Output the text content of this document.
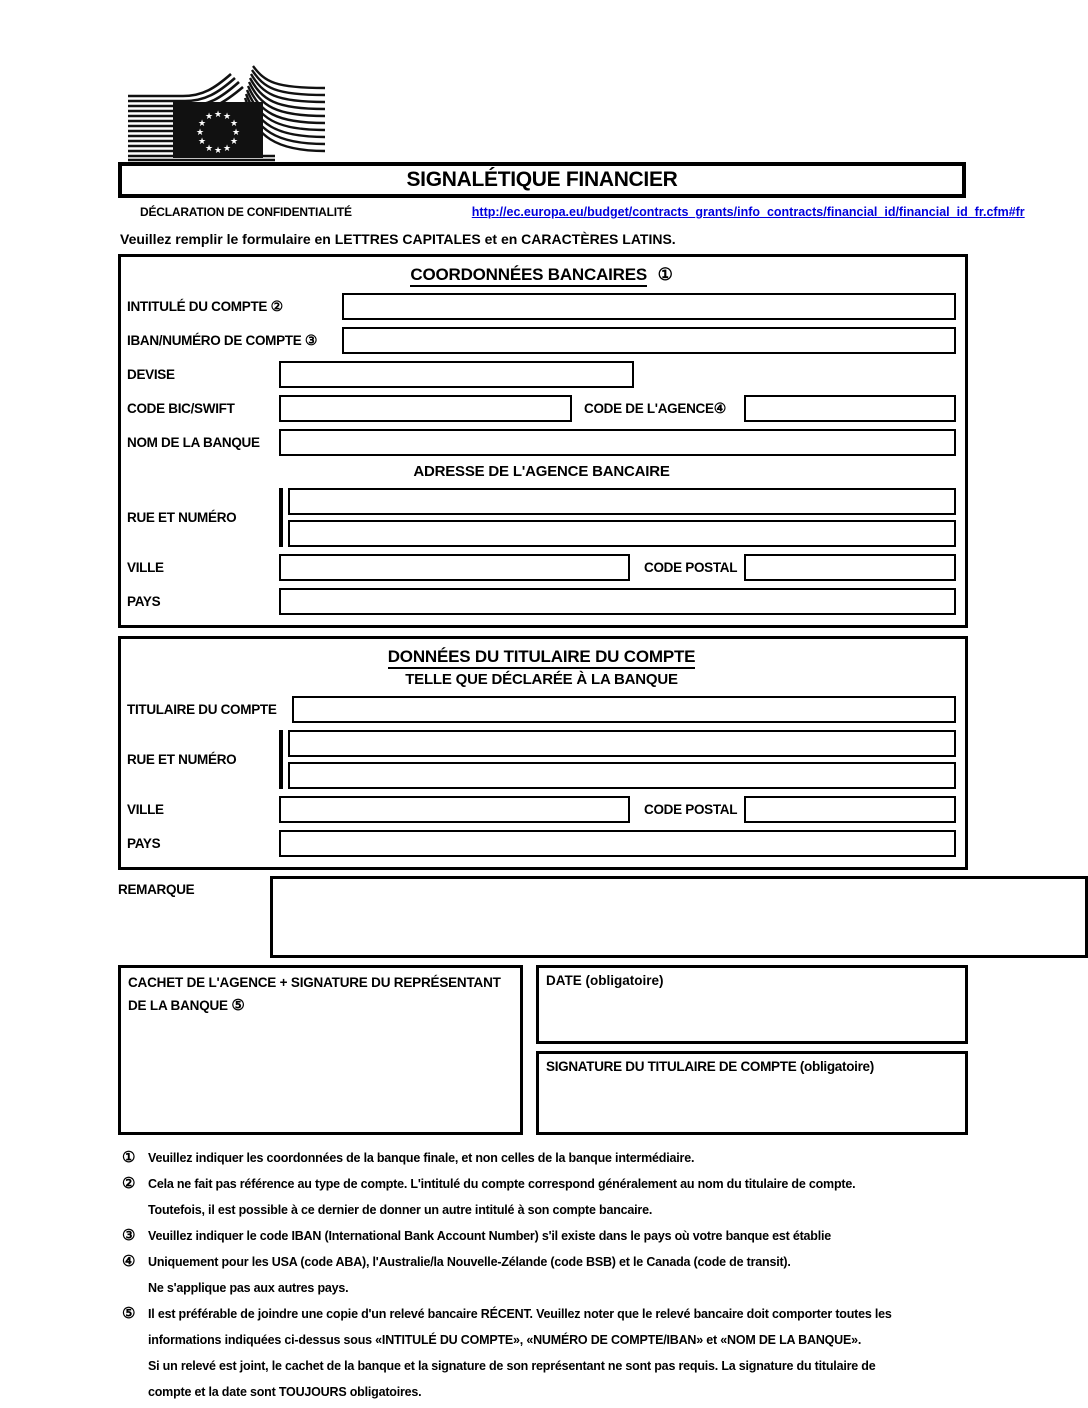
★ ★
★
★
★
★
★
★
★
★
★
★
SIGNALÉTIQUE FINANCIER
DÉCLARATION DE CONFIDENTIALITÉ	http://ec.europa.eu/budget/contracts_grants/info_contracts/financial_id/financial_id_fr.cfm#fr
Veuillez remplir le formulaire en LETTRES CAPITALES et en CARACTÈRES LATINS.
COORDONNÉES BANCAIRES ①
INTITULÉ DU COMPTE ②
IBAN/NUMÉRO DE COMPTE ③
DEVISE
CODE BIC/SWIFT	CODE DE L'AGENCE④
NOM DE LA BANQUE
ADRESSE DE L'AGENCE BANCAIRE
RUE ET NUMÉRO
VILLE	CODE POSTAL
PAYS
DONNÉES DU TITULAIRE DU COMPTE
TELLE QUE DÉCLARÉE À LA BANQUE
TITULAIRE DU COMPTE
RUE ET NUMÉRO
VILLE	CODE POSTAL
PAYS
REMARQUE
CACHET DE L'AGENCE + SIGNATURE DU REPRÉSENTANT
DE LA BANQUE ⑤
DATE (obligatoire)
SIGNATURE DU TITULAIRE DE COMPTE (obligatoire)
①	Veuillez indiquer les coordonnées de la banque finale, et non celles de la banque intermédiaire.
②	Cela ne fait pas référence au type de compte. L'intitulé du compte correspond généralement au nom du titulaire de compte.
Toutefois, il est possible à ce dernier de donner un autre intitulé à son compte bancaire.
③	Veuillez indiquer le code IBAN (International Bank Account Number) s'il existe dans le pays où votre banque est établie
④	Uniquement pour les USA (code ABA), l'Australie/la Nouvelle-Zélande (code BSB) et le Canada (code de transit).
Ne s'applique pas aux autres pays.
⑤	Il est préférable de joindre une copie d'un relevé bancaire RÉCENT. Veuillez noter que le relevé bancaire doit comporter toutes les
informations indiquées ci-dessus sous «INTITULÉ DU COMPTE», «NUMÉRO DE COMPTE/IBAN» et «NOM DE LA BANQUE».
Si un relevé est joint, le cachet de la banque et la signature de son représentant ne sont pas requis. La signature du titulaire de
compte et la date sont TOUJOURS obligatoires.
